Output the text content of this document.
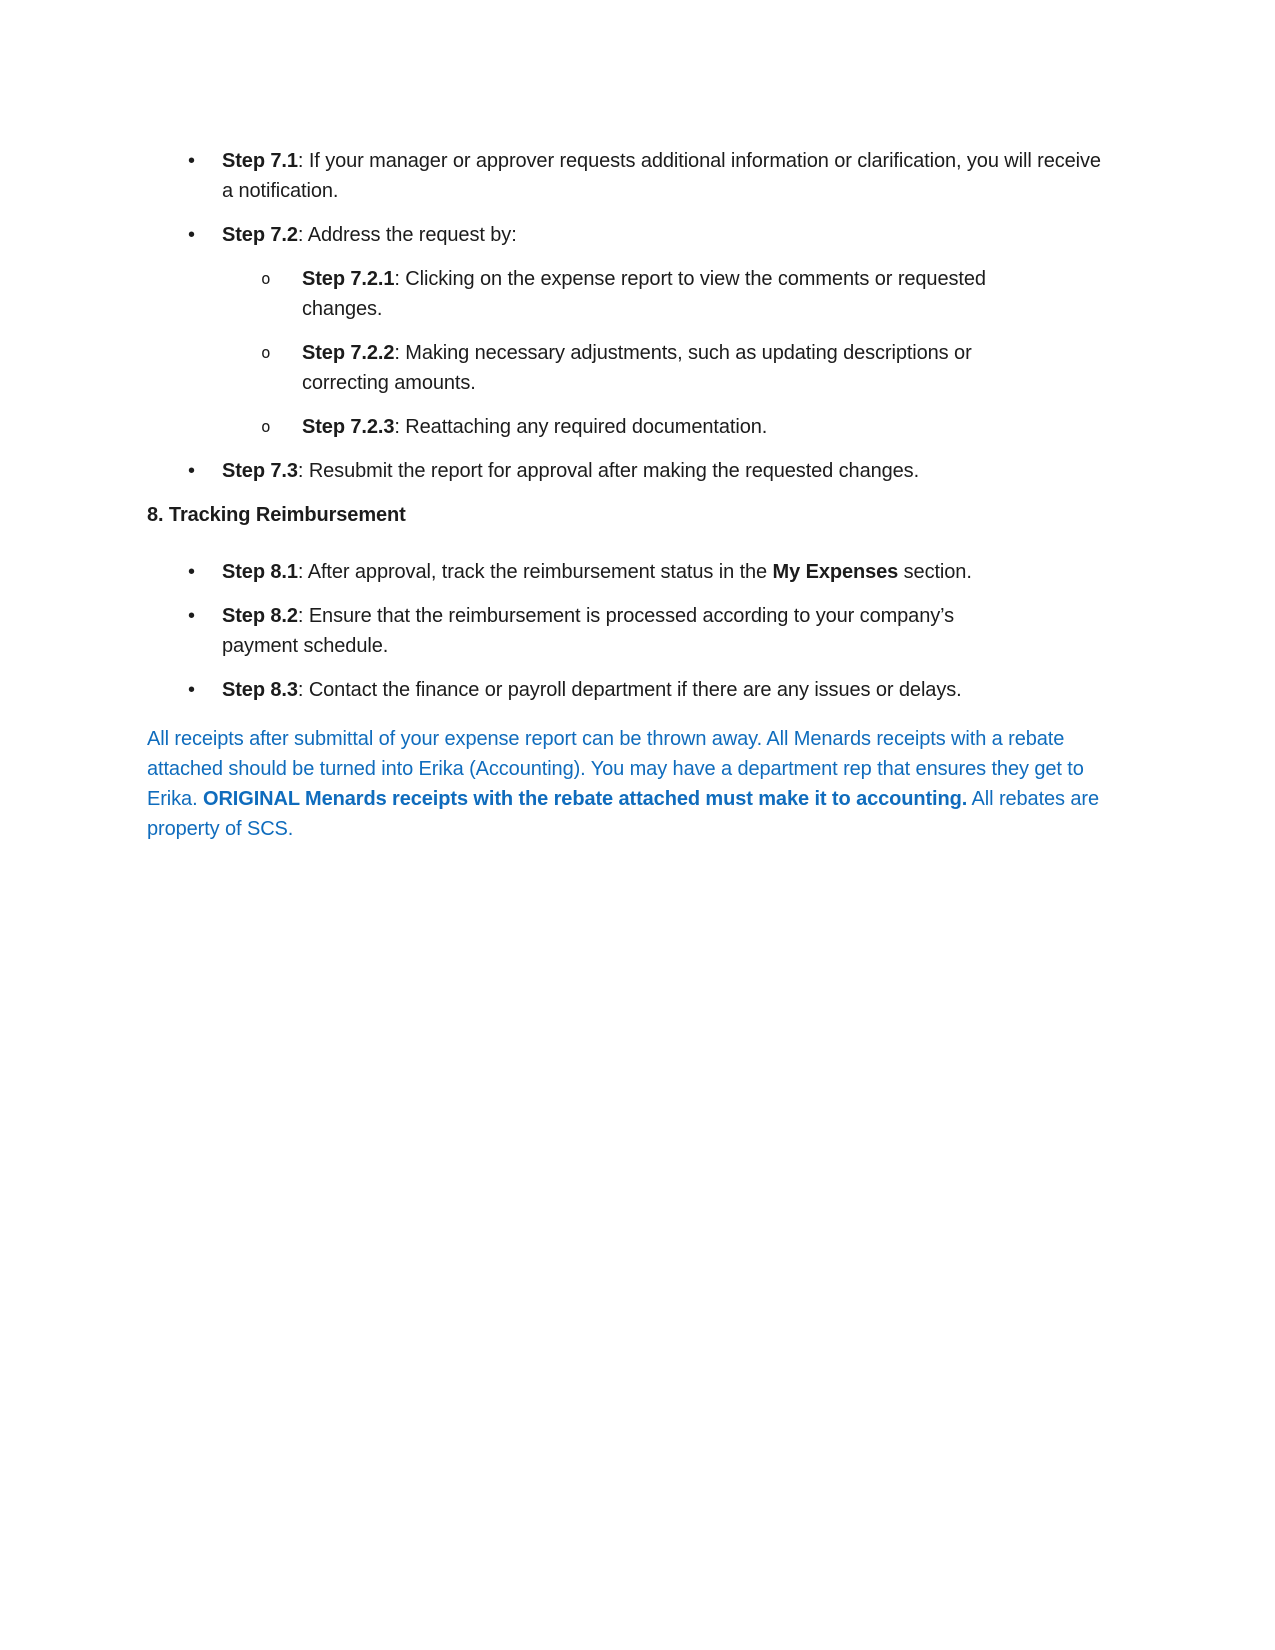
• Step 7.1: If your manager or approver requests additional information or clarification, you will receive a notification.
• Step 7.2: Address the request by:
o Step 7.2.1: Clicking on the expense report to view the comments or requested changes.
o Step 7.2.2: Making necessary adjustments, such as updating descriptions or correcting amounts.
o Step 7.2.3: Reattaching any required documentation.
• Step 7.3: Resubmit the report for approval after making the requested changes.
8. Tracking Reimbursement
• Step 8.1: After approval, track the reimbursement status in the My Expenses section.
• Step 8.2: Ensure that the reimbursement is processed according to your company’s payment schedule.
• Step 8.3: Contact the finance or payroll department if there are any issues or delays.

All receipts after submittal of your expense report can be thrown away. All Menards receipts with a rebate attached should be turned into Erika (Accounting). You may have a department rep that ensures they get to Erika. ORIGINAL Menards receipts with the rebate attached must make it to accounting. All rebates are property of SCS.
